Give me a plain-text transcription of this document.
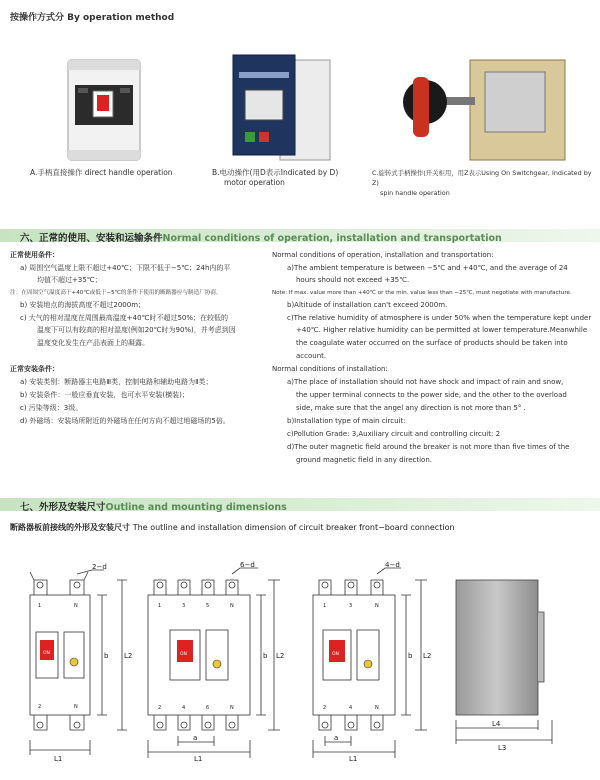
按操作方式分 By operation method
A.手柄直接操作 direct handle operation	B.电动操作(用D表示Indicated by D)
motor operation
C.旋转式手柄操作(开关柜用，用Z表示Using On Switchgear, Indicated by Z)
spin handle operation
六、正常的使用、安装和运输条件Normal conditions of operation, installation and transportation
正常使用条件：
a) 周围空气温度上限不超过+40℃；下限不低于−5℃；24h内的平
均值不超过+35℃；
注：在周围空气温度高于+40℃或低于−5℃的条件下使用的断路器应与制造厂协商。
b) 安装地点的海拔高度不超过2000m；
c) 大气的相对湿度在周围最高温度+40℃时不超过50%；在较低的
温度下可以有较高的相对湿度(例如20℃时为90%)，并考虑到因
温度变化发生在产品表面上的凝露。
正常安装条件：
a) 安装类别：断路器主电路Ⅲ类，控制电路和辅助电路为Ⅱ类；
b) 安装条件：一般应垂直安装，也可水平安装(横装)；
c) 污染等级：3级。
d) 外磁场：安装场所附近的外磁场在任何方向不超过地磁场的5倍。
Normal conditions of operation, installation and transportation:
a)The ambient temperature is between −5℃ and +40℃, and the average of 24
hours should not exceed +35℃.
Note: If max. value more than +40℃ or the min. value less than −25℃, must negotiate with manufacture.
b)Altitude of installation can't exceed 2000m.
c)The relative humidity of atmosphere is under 50% when the temperature kept under
+40℃. Higher relative humidity can be permitted at lower temperature.Meanwhile
the coagulate water occurred on the surface of products should be taken into
account.
Normal conditions of installation:
a)The place of installation should not have shock and impact of rain and snow,
the upper terminal connects to the power side, and the other to the overload
side, make sure that the angel any direction is not more than 5° .
b)Installation type of main circuit:
c)Pollution Grade: 3,Auxiliary circuit and controlling circuit: 2
d)The outer magnetic field around the breaker is not more than five times of the
ground magnetic field in any direction.
七、外形及安装尺寸Outline and mounting dimensions
断路器板前接线的外形及安装尺寸 The outline and installation dimension of circuit breaker front−board connection
ON
2−d
1	N
2	N
b L2
L1
ON
6−d
1	3	5	N
2	4	6	N
b L2
a
L1
ON
4−d
1	3	N
2	4	N
b L2
a
L1
L4
L3
